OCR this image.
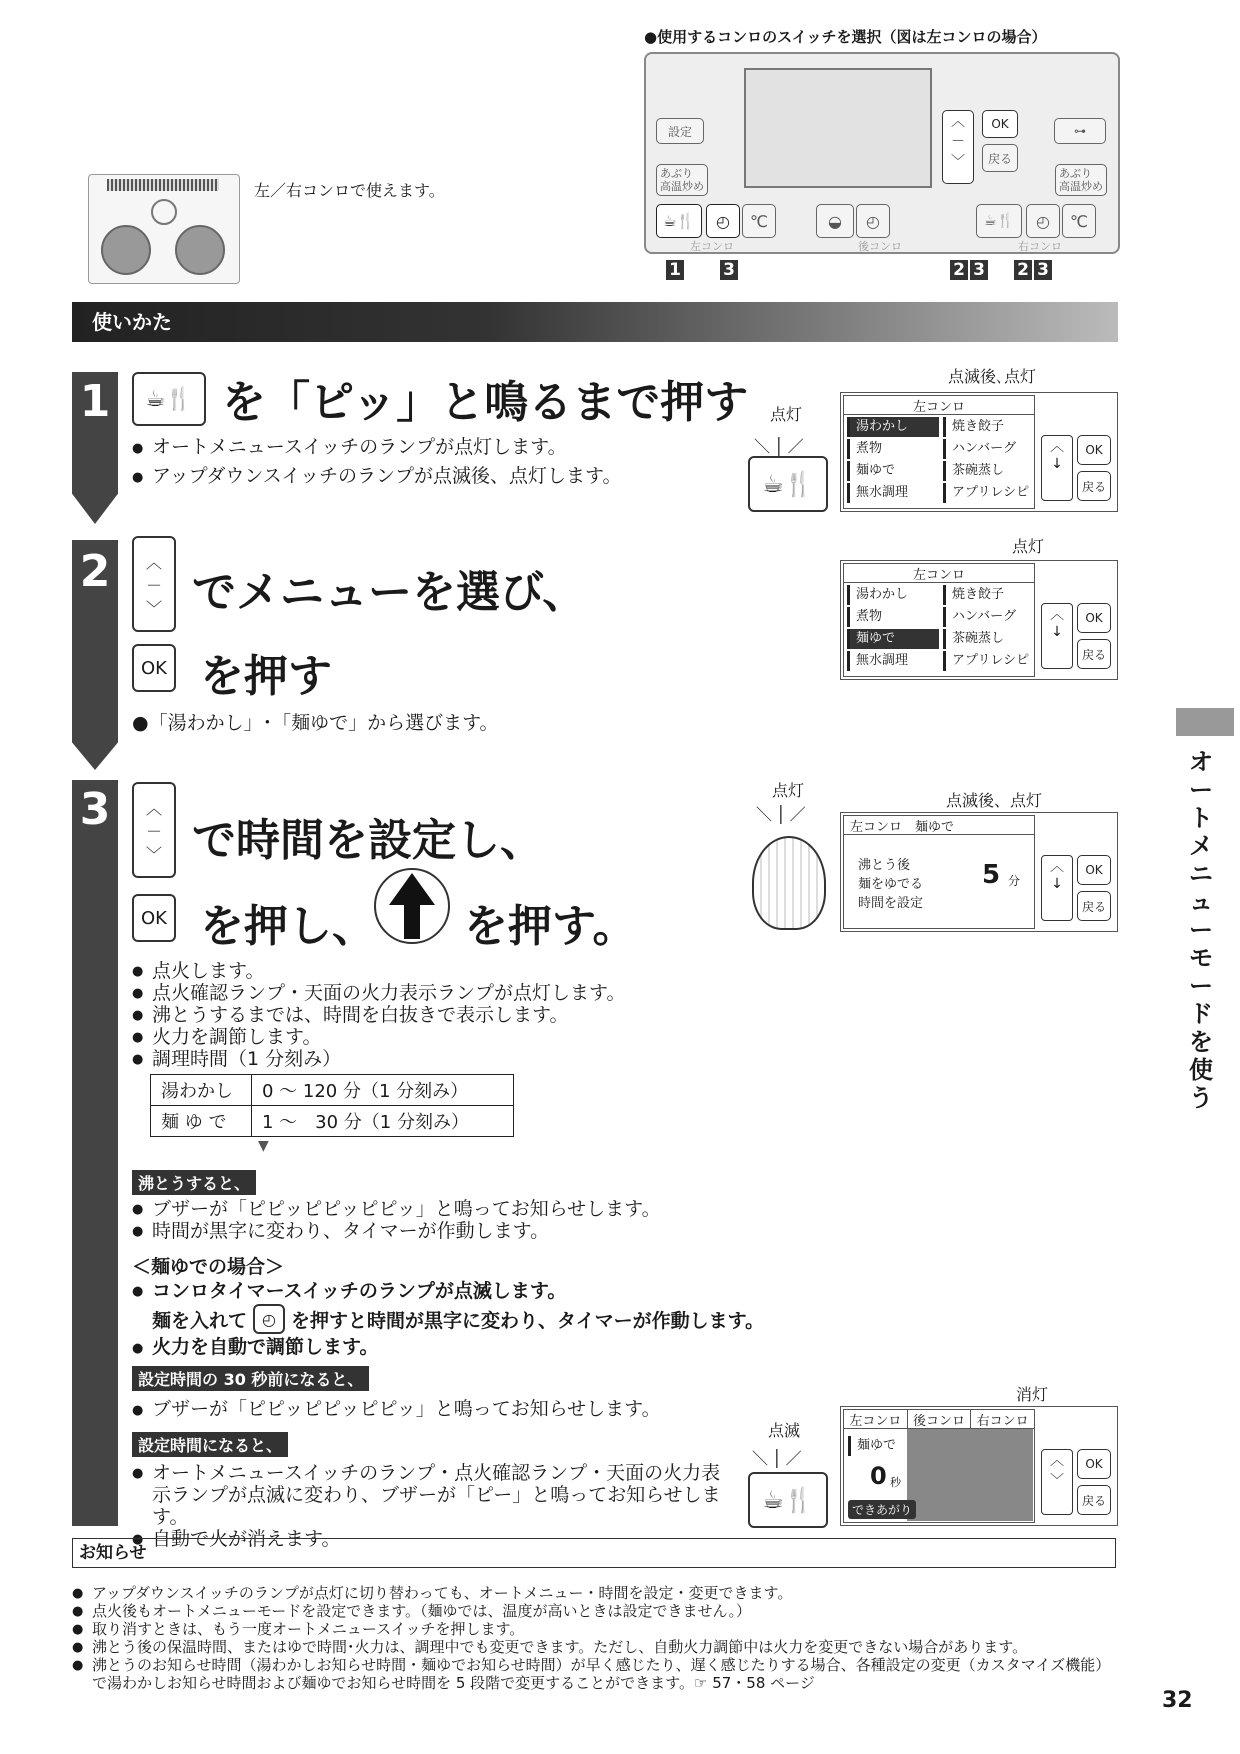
●使用するコンロのスイッチを選択（図は左コンロの場合）
設定
あぶり
高温炒め
あぶり
高温炒め
⊶
︿
－
﹀
OK
戻る
☕🍴 ◴ ℃	◒ ◴	☕🍴 ◴ ℃
左コンロ	後コンロ	右コンロ
1 3	2 3 2 3
左／右コンロで使えます。
使いかた
1
2
3
☕🍴 を「ピッ」と鳴るまで押す
● オートメニュースイッチのランプが点灯します。
● アップダウンスイッチのランプが点滅後、点灯します。
点灯
☕🍴
＼│／
点滅後､点灯
左コンロ
湯わかし
煮物
麺ゆで
無水調理
焼き餃子
ハンバーグ
茶碗蒸し
アプリレシピ
︿
↓
OK
戻る
︿
－
﹀ でメニューを選び、
OK を押す
●「湯わかし」･「麺ゆで」から選びます。
点灯
左コンロ
湯わかし
煮物
麺ゆで
無水調理
焼き餃子
ハンバーグ
茶碗蒸し
アプリレシピ
︿
↓
OK
戻る
︿
－
﹀ で時間を設定し、
OK を押し、 を押す。
点灯
＼│／
点滅後、点灯
左コンロ　麺ゆで
沸とう後
麺をゆでる
時間を設定
5 分
︿
↓
OK
戻る
● 点火します。
● 点火確認ランプ・天面の火力表示ランプが点灯します。
● 沸とうするまでは、時間を白抜きで表示します。
● 火力を調節します。
● 調理時間（1 分刻み）
湯わかし	0 ～ 120 分（1 分刻み）
麺 ゆ で	1 ～　30 分（1 分刻み）
▼
沸とうすると、
● ブザーが「ピピッピピッピピッ」と鳴ってお知らせします。
● 時間が黒字に変わり、タイマーが作動します。
＜麺ゆでの場合＞
● コンロタイマースイッチのランプが点滅します。
麺を入れて ◴ を押すと時間が黒字に変わり、タイマーが作動します。
● 火力を自動で調節します。
設定時間の 30 秒前になると、
● ブザーが「ピピッピピッピピッ」と鳴ってお知らせします。
設定時間になると、
● オートメニュースイッチのランプ・点火確認ランプ・天面の火力表示ランプが点滅に変わり、ブザーが「ピー」と鳴ってお知らせします。
● 自動で火が消えます。
点滅
＼│／
☕🍴
消灯
左コンロ 後コンロ 右コンロ
麺ゆで
0 秒
できあがり
︿
﹀
OK
戻る
オートメニューモードを使う
お知らせ
● アップダウンスイッチのランプが点灯に切り替わっても、オートメニュー・時間を設定・変更できます。
● 点火後もオートメニューモードを設定できます。（麺ゆでは、温度が高いときは設定できません。）
● 取り消すときは、もう一度オートメニュースイッチを押します。
● 沸とう後の保温時間、またはゆで時間･火力は、調理中でも変更できます。ただし、自動火力調節中は火力を変更できない場合があります。
● 沸とうのお知らせ時間（湯わかしお知らせ時間・麺ゆでお知らせ時間）が早く感じたり、遅く感じたりする場合、各種設定の変更（カスタマイズ機能）で湯わかしお知らせ時間および麺ゆでお知らせ時間を 5 段階で変更することができます。☞ 57・58 ページ
32
